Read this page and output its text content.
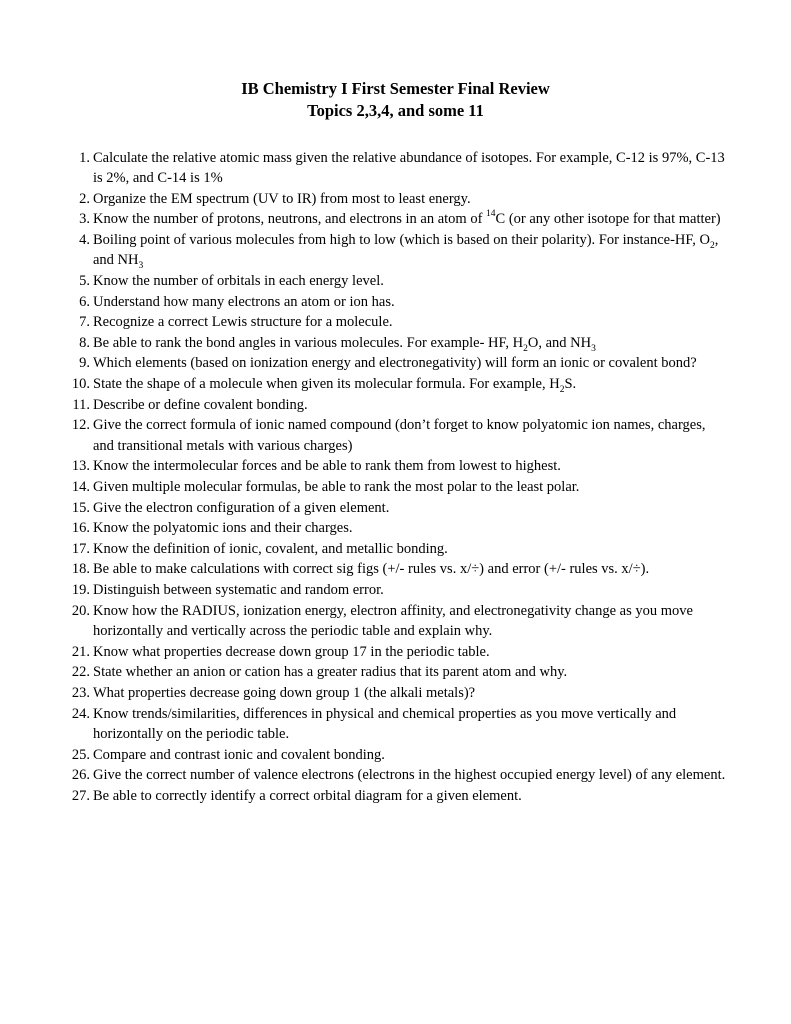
IB Chemistry I First Semester Final Review

Topics 2,3,4, and some 11

1. Calculate the relative atomic mass given the relative abundance of isotopes. For example, C-12 is 97%, C-13 is 2%, and C-14 is 1%
2. Organize the EM spectrum (UV to IR) from most to least energy.
3. Know the number of protons, neutrons, and electrons in an atom of $^{14}$C (or any other isotope for that matter)
4. Boiling point of various molecules from high to low (which is based on their polarity). For instance-HF, $O_2$, and $NH_3$
5. Know the number of orbitals in each energy level.
6. Understand how many electrons an atom or ion has.
7. Recognize a correct Lewis structure for a molecule.
8. Be able to rank the bond angles in various molecules. For example- HF, $H_2O$, and $NH_3$
9. Which elements (based on ionization energy and electronegativity) will form an ionic or covalent bond?
10. State the shape of a molecule when given its molecular formula. For example, $H_2S$.
11. Describe or define covalent bonding.
12. Give the correct formula of ionic named compound (don’t forget to know polyatomic ion names, charges, and transitional metals with various charges)
13. Know the intermolecular forces and be able to rank them from lowest to highest.
14. Given multiple molecular formulas, be able to rank the most polar to the least polar.
15. Give the electron configuration of a given element.
16. Know the polyatomic ions and their charges.
17. Know the definition of ionic, covalent, and metallic bonding.
18. Be able to make calculations with correct sig figs (+/- rules vs. x/÷) and error (+/- rules vs. x/÷).
19. Distinguish between systematic and random error.
20. Know how the RADIUS, ionization energy, electron affinity, and electronegativity change as you move horizontally and vertically across the periodic table and explain why.
21. Know what properties decrease down group 17 in the periodic table.
22. State whether an anion or cation has a greater radius that its parent atom and why.
23. What properties decrease going down group 1 (the alkali metals)?
24. Know trends/similarities, differences in physical and chemical properties as you move vertically and horizontally on the periodic table.
25. Compare and contrast ionic and covalent bonding.
26. Give the correct number of valence electrons (electrons in the highest occupied energy level) of any element.
27. Be able to correctly identify a correct orbital diagram for a given element.
